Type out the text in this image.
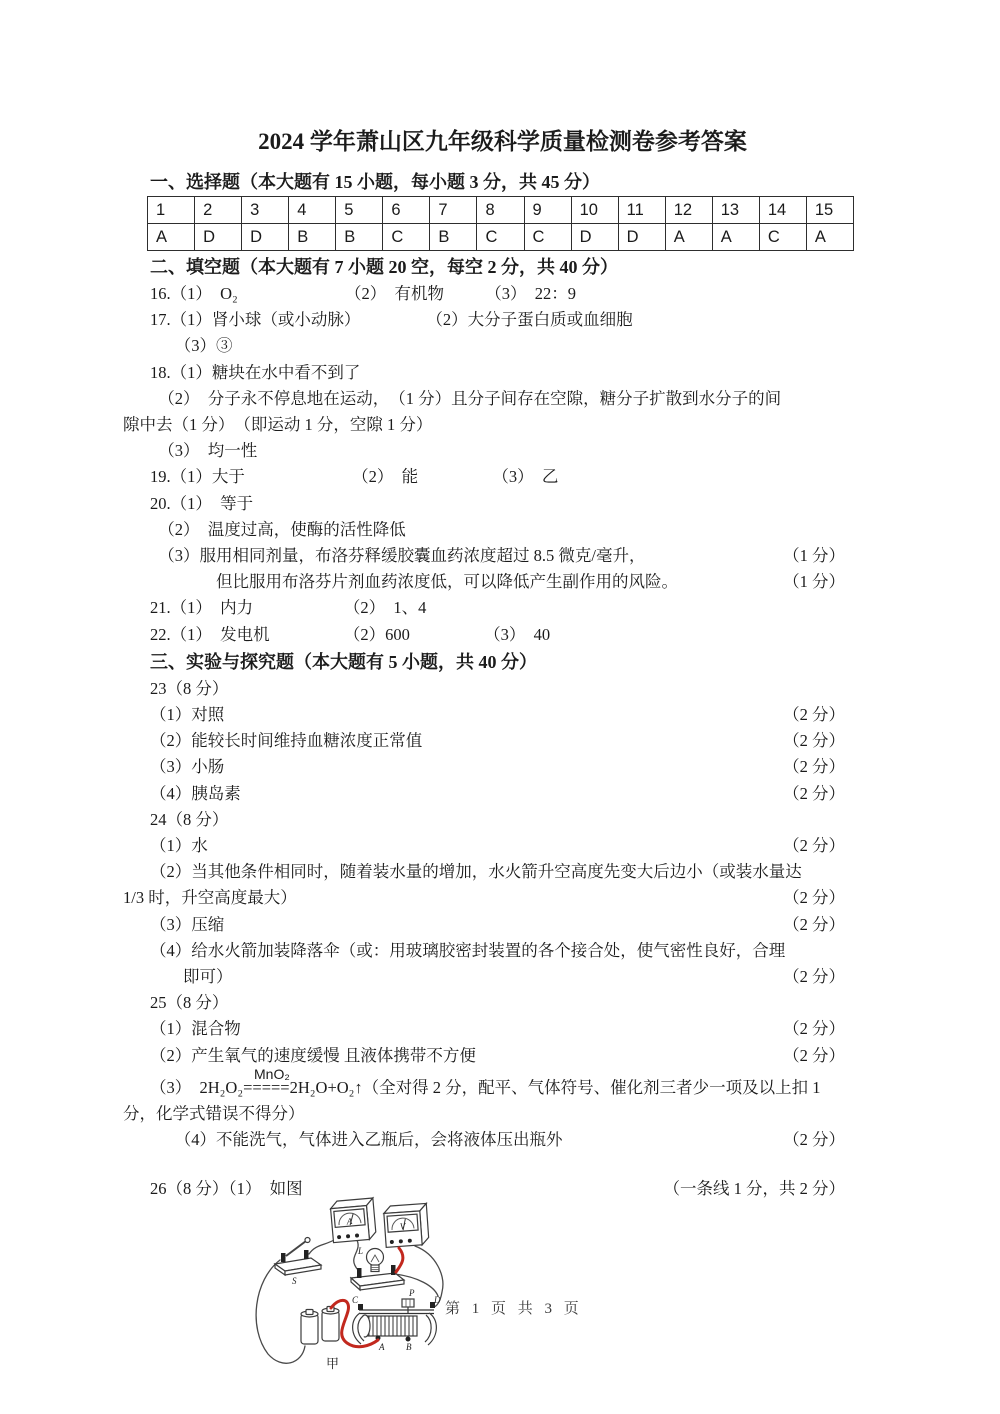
2024 学年萧山区九年级科学质量检测卷参考答案
一、选择题（本大题有 15 小题，每小题 3 分，共 45 分）
1	2	3	4	5	6	7	8	9	10	11	12	13	14	15
A	D	D	B	B	C	B	C	C	D	D	A	A	C	A
二、填空题（本大题有 7 小题 20 空，每空 2 分，共 40 分）
16.（1）　O₂　　　　　　　（2）　有机物　　　（3）　22：9
17.（1）肾小球（或小动脉）　　　　　（2）大分子蛋白质或血细胞
　　（3）③
18.（1）糖块在水中看不到了
　（2）　分子永不停息地在运动，　（1 分）且分子间存在空隙，糖分子扩散到水分子的间
隙中去（1 分）　（即运动 1 分，空隙 1 分）
　（3）　均一性
19.（1）大于　　　　　　　（2）　能　　　　　（3）　乙
20.（1）　等于
　（2）　温度过高，使酶的活性降低
　（3）服用相同剂量，布洛芬释缓胶囊血药浓度超过 8.5 微克/毫升，	（1 分）
　　　　但比服用布洛芬片剂血药浓度低，可以降低产生副作用的风险。	（1 分）
21.（1）　内力　　　　　　（2）　1、4
22.（1）　发电机　　　　　（2）600　　　　　（3）　40
三、实验与探究题（本大题有 5 小题，共 40 分）
23（8 分）
（1）对照	（2 分）
（2）能较长时间维持血糖浓度正常值	（2 分）
（3）小肠	（2 分）
（4）胰岛素	（2 分）
24（8 分）
（1）水	（2 分）
（2）当其他条件相同时，随着装水量的增加，水火箭升空高度先变大后边小（或装水量达
1/3 时，升空高度最大）	（2 分）
（3）压缩	（2 分）
（4）给水火箭加装降落伞（或：用玻璃胶密封装置的各个接合处，使气密性良好，合理
　　即可）	（2 分）
25（8 分）
（1）混合物	（2 分）
（2）产生氧气的速度缓慢 且液体携带不方便	（2 分）
MnO₂
（3）　2H₂O₂=====2H₂O+O₂↑（全对得 2 分，配平、气体符号、催化剂三者少一项及以上扣 1
分，化学式错误不得分）
　　（4）不能洗气，气体进入乙瓶后，会将液体压出瓶外	（2 分）
26（8 分）（1）　如图	（一条线 1 分，共 2 分）
A	V
S
L
甲
C
P
D
A B
第 1 页 共 3 页
